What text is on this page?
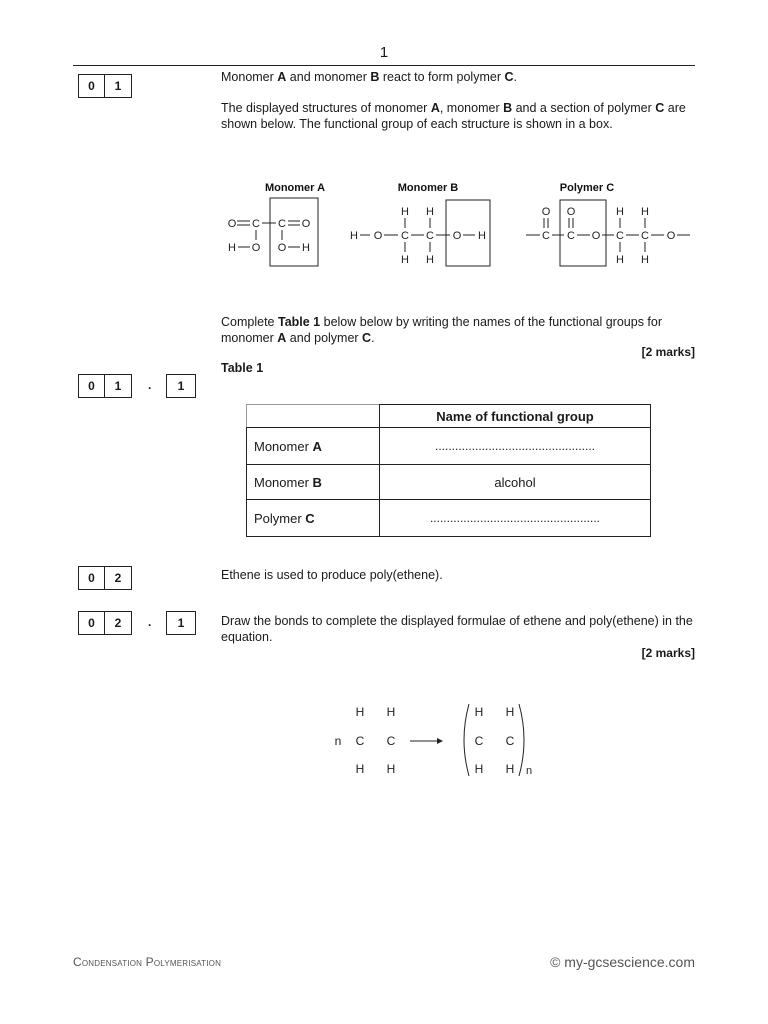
1
0	1
Monomer A and monomer B react to form polymer C.
The displayed structures of monomer A, monomer B and a section of polymer C are shown below. The functional group of each structure is shown in a box.
Monomer A	Monomer B	Polymer C
O C C O
H O O H
H O C C O H
H H
H H
C C O C C O
O O	H H
H H
Complete Table 1 below below by writing the names of the functional groups for monomer A and polymer C.
[2 marks]
0	1	.	1
Table 1
	Name of functional group
Monomer A	................................................
Monomer B	alcohol
Polymer C	...................................................
0	2	Ethene is used to produce poly(ethene).
0	2	.	1	Draw the bonds to complete the displayed formulae of ethene and poly(ethene) in the equation.
[2 marks]
H H
n C C
H H
H H
C C
H H n
Condensation Polymerisation	© my-gcsescience.com
